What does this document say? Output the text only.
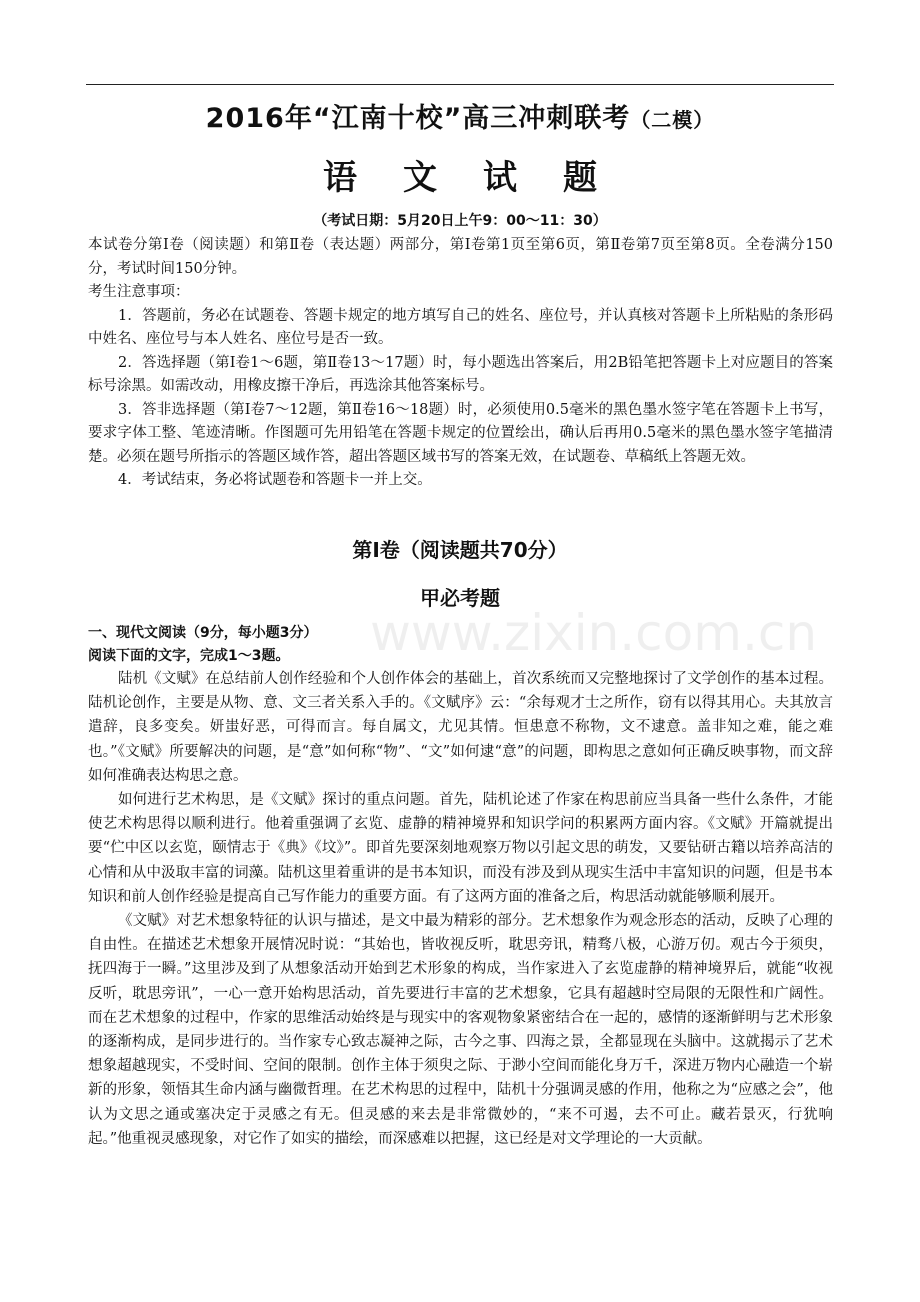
2016年“江南十校”高三冲刺联考（二模）
语文试题
（考试日期：5月20日上午9：00～11：30）

本试卷分第Ⅰ卷（阅读题）和第Ⅱ卷（表达题）两部分，第Ⅰ卷第1页至第6页，第Ⅱ卷第7页至第8页。全卷满分150分，考试时间150分钟。

考生注意事项：

1．答题前，务必在试题卷、答题卡规定的地方填写自己的姓名、座位号，并认真核对答题卡上所粘贴的条形码中姓名、座位号与本人姓名、座位号是否一致。

2．答选择题（第Ⅰ卷1～6题，第Ⅱ卷13～17题）时，每小题选出答案后，用2B铅笔把答题卡上对应题目的答案标号涂黑。如需改动，用橡皮擦干净后，再选涂其他答案标号。

3．答非选择题（第Ⅰ卷7～12题，第Ⅱ卷16～18题）时，必须使用0.5毫米的黑色墨水签字笔在答题卡上书写，要求字体工整、笔迹清晰。作图题可先用铅笔在答题卡规定的位置绘出，确认后再用0.5毫米的黑色墨水签字笔描清楚。必须在题号所指示的答题区域作答，超出答题区域书写的答案无效，在试题卷、草稿纸上答题无效。

4．考试结束，务必将试题卷和答题卡一并上交。

第Ⅰ卷（阅读题共70分）
甲必考题
一、现代文阅读（9分，每小题3分）
阅读下面的文字，完成1～3题。

陆机《文赋》在总结前人创作经验和个人创作体会的基础上，首次系统而又完整地探讨了文学创作的基本过程。陆机论创作，主要是从物、意、文三者关系入手的。《文赋序》云：“余每观才士之所作，窃有以得其用心。夫其放言遣辞，良多变矣。妍蚩好恶，可得而言。每自属文，尤见其情。恒患意不称物，文不逮意。盖非知之难，能之难也。”《文赋》所要解决的问题，是“意”如何称“物”、“文”如何逮“意”的问题，即构思之意如何正确反映事物，而文辞如何准确表达构思之意。

如何进行艺术构思，是《文赋》探讨的重点问题。首先，陆机论述了作家在构思前应当具备一些什么条件，才能使艺术构思得以顺利进行。他着重强调了玄览、虚静的精神境界和知识学问的积累两方面内容。《文赋》开篇就提出要“伫中区以玄览，颐情志于《典》《坟》”。即首先要深刻地观察万物以引起文思的萌发，又要钻研古籍以培养高洁的心情和从中汲取丰富的词藻。陆机这里着重讲的是书本知识，而没有涉及到从现实生活中丰富知识的问题，但是书本知识和前人创作经验是提高自己写作能力的重要方面。有了这两方面的准备之后，构思活动就能够顺利展开。

《文赋》对艺术想象特征的认识与描述，是文中最为精彩的部分。艺术想象作为观念形态的活动，反映了心理的自由性。在描述艺术想象开展情况时说：“其始也，皆收视反听，耽思旁讯，精骛八极，心游万仞。观古今于须臾，抚四海于一瞬。”这里涉及到了从想象活动开始到艺术形象的构成，当作家进入了玄览虚静的精神境界后，就能“收视反听，耽思旁讯”，一心一意开始构思活动，首先要进行丰富的艺术想象，它具有超越时空局限的无限性和广阔性。而在艺术想象的过程中，作家的思维活动始终是与现实中的客观物象紧密结合在一起的，感情的逐渐鲜明与艺术形象的逐渐构成，是同步进行的。当作家专心致志凝神之际，古今之事、四海之景，全都显现在头脑中。这就揭示了艺术想象超越现实，不受时间、空间的限制。创作主体于须臾之际、于渺小空间而能化身万千，深进万物内心融造一个崭新的形象，领悟其生命内涵与幽微哲理。在艺术构思的过程中，陆机十分强调灵感的作用，他称之为“应感之会”，他认为文思之通或塞决定于灵感之有无。但灵感的来去是非常微妙的，“来不可遏，去不可止。藏若景灭，行犹响起。”他重视灵感现象，对它作了如实的描绘，而深感难以把握，这已经是对文学理论的一大贡献。

www.zixin.com.cn
